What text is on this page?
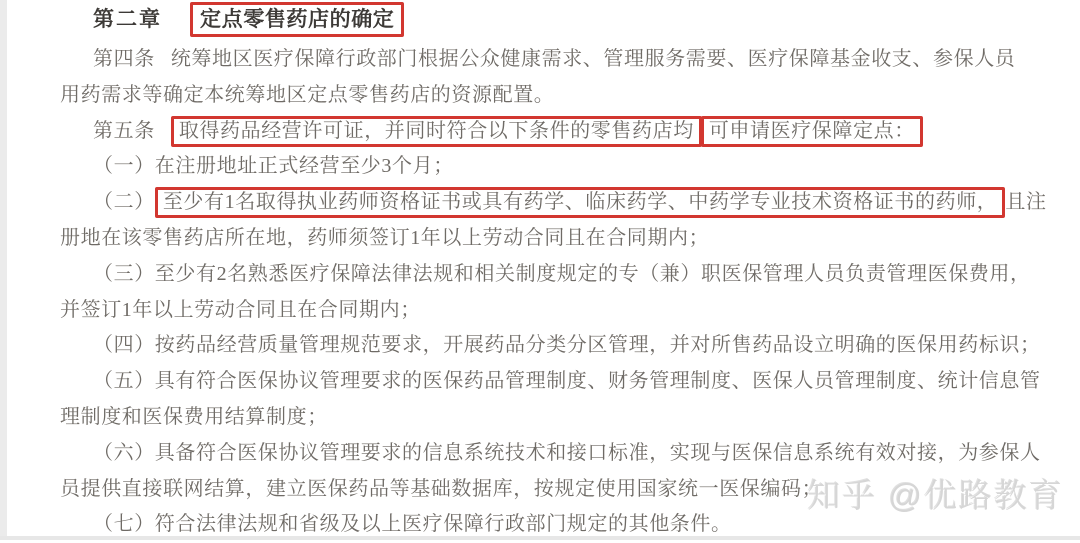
第二章 定点零售药店的确定
第四条 统筹地区医疗保障行政部门根据公众健康需求、管理服务需要、医疗保障基金收支、参保人员
用药需求等确定本统筹地区定点零售药店的资源配置。
第五条 取得药品经营许可证，并同时符合以下条件的零售药店均 可申请医疗保障定点：
（一）在注册地址正式经营至少3个月；
（二） 至少有1名取得执业药师资格证书或具有药学、临床药学、中药学专业技术资格证书的药师， 且注
册地在该零售药店所在地，药师须签订1年以上劳动合同且在合同期内；
（三）至少有2名熟悉医疗保障法律法规和相关制度规定的专（兼）职医保管理人员负责管理医保费用，
并签订1年以上劳动合同且在合同期内；
（四）按药品经营质量管理规范要求，开展药品分类分区管理，并对所售药品设立明确的医保用药标识；
（五）具有符合医保协议管理要求的医保药品管理制度、财务管理制度、医保人员管理制度、统计信息管
理制度和医保费用结算制度；
（六）具备符合医保协议管理要求的信息系统技术和接口标准，实现与医保信息系统有效对接，为参保人
员提供直接联网结算，建立医保药品等基础数据库，按规定使用国家统一医保编码；
（七）符合法律法规和省级及以上医疗保障行政部门规定的其他条件。
知乎 @优路教育
